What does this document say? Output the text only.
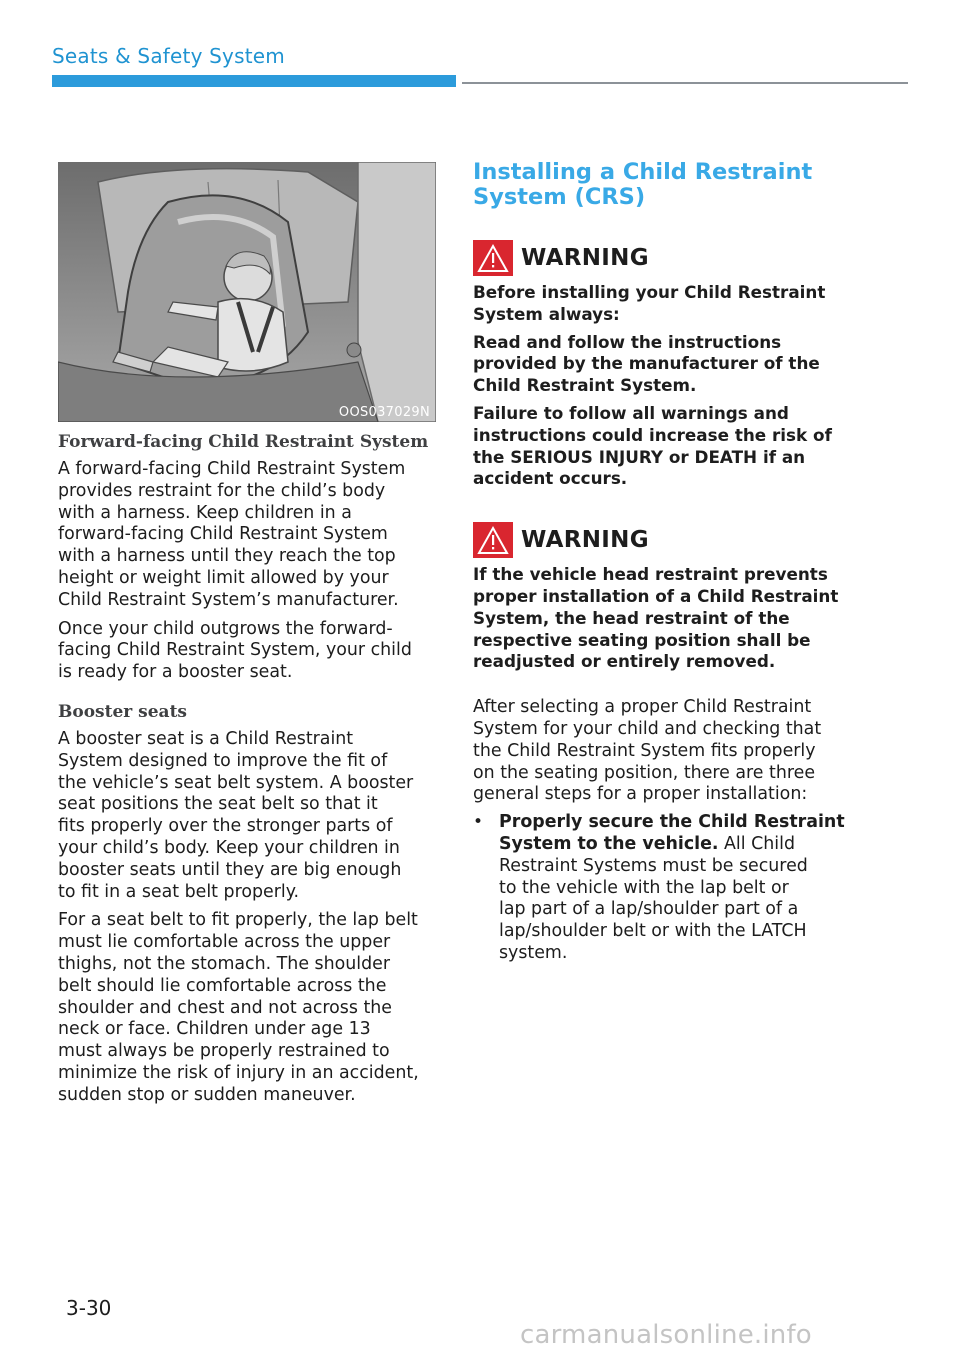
Seats & Safety System
OOS037029N
Forward-facing Child Restraint System

A forward-facing Child Restraint System
provides restraint for the child’s body
with a harness. Keep children in a
forward-facing Child Restraint System
with a harness until they reach the top
height or weight limit allowed by your
Child Restraint System’s manufacturer.

Once your child outgrows the forward-
facing Child Restraint System, your child
is ready for a booster seat.

Booster seats

A booster seat is a Child Restraint
System designed to improve the fit of
the vehicle’s seat belt system. A booster
seat positions the seat belt so that it
fits properly over the stronger parts of
your child’s body. Keep your children in
booster seats until they are big enough
to fit in a seat belt properly.

For a seat belt to fit properly, the lap belt
must lie comfortable across the upper
thighs, not the stomach. The shoulder
belt should lie comfortable across the
shoulder and chest and not across the
neck or face. Children under age 13
must always be properly restrained to
minimize the risk of injury in an accident,
sudden stop or sudden maneuver.

Installing a Child Restraint
System (CRS)
WARNING

Before installing your Child Restraint
System always:

Read and follow the instructions
provided by the manufacturer of the
Child Restraint System.

Failure to follow all warnings and
instructions could increase the risk of
the SERIOUS INJURY or DEATH if an
accident occurs.

WARNING

If the vehicle head restraint prevents
proper installation of a Child Restraint
System, the head restraint of the
respective seating position shall be
readjusted or entirely removed.

After selecting a proper Child Restraint
System for your child and checking that
the Child Restraint System fits properly
on the seating position, there are three
general steps for a proper installation:

• Properly secure the Child Restraint
System to the vehicle. All Child
Restraint Systems must be secured
to the vehicle with the lap belt or
lap part of a lap/shoulder part of a
lap/shoulder belt or with the LATCH
system.

3-30
carmanualsonline.info
